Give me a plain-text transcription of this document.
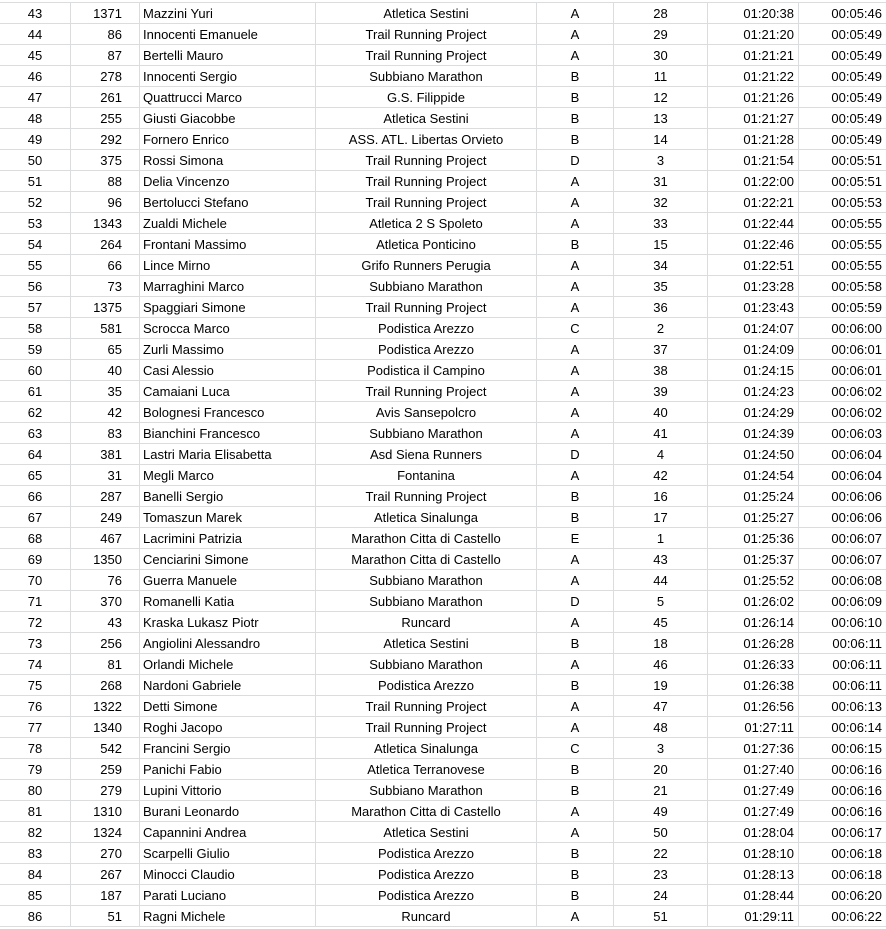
43	1371	Mazzini Yuri	Atletica Sestini	A	28	01:20:38	00:05:46
44	86	Innocenti Emanuele	Trail Running Project	A	29	01:21:20	00:05:49
45	87	Bertelli Mauro	Trail Running Project	A	30	01:21:21	00:05:49
46	278	Innocenti Sergio	Subbiano Marathon	B	11	01:21:22	00:05:49
47	261	Quattrucci Marco	G.S. Filippide	B	12	01:21:26	00:05:49
48	255	Giusti Giacobbe	Atletica Sestini	B	13	01:21:27	00:05:49
49	292	Fornero Enrico	ASS. ATL. Libertas Orvieto	B	14	01:21:28	00:05:49
50	375	Rossi Simona	Trail Running Project	D	3	01:21:54	00:05:51
51	88	Delia Vincenzo	Trail Running Project	A	31	01:22:00	00:05:51
52	96	Bertolucci Stefano	Trail Running Project	A	32	01:22:21	00:05:53
53	1343	Zualdi Michele	Atletica 2 S Spoleto	A	33	01:22:44	00:05:55
54	264	Frontani Massimo	Atletica Ponticino	B	15	01:22:46	00:05:55
55	66	Lince Mirno	Grifo Runners Perugia	A	34	01:22:51	00:05:55
56	73	Marraghini Marco	Subbiano Marathon	A	35	01:23:28	00:05:58
57	1375	Spaggiari Simone	Trail Running Project	A	36	01:23:43	00:05:59
58	581	Scrocca Marco	Podistica Arezzo	C	2	01:24:07	00:06:00
59	65	Zurli Massimo	Podistica Arezzo	A	37	01:24:09	00:06:01
60	40	Casi Alessio	Podistica il Campino	A	38	01:24:15	00:06:01
61	35	Camaiani Luca	Trail Running Project	A	39	01:24:23	00:06:02
62	42	Bolognesi Francesco	Avis Sansepolcro	A	40	01:24:29	00:06:02
63	83	Bianchini Francesco	Subbiano Marathon	A	41	01:24:39	00:06:03
64	381	Lastri Maria Elisabetta	Asd Siena Runners	D	4	01:24:50	00:06:04
65	31	Megli Marco	Fontanina	A	42	01:24:54	00:06:04
66	287	Banelli Sergio	Trail Running Project	B	16	01:25:24	00:06:06
67	249	Tomaszun Marek	Atletica Sinalunga	B	17	01:25:27	00:06:06
68	467	Lacrimini Patrizia	Marathon Citta di Castello	E	1	01:25:36	00:06:07
69	1350	Cenciarini Simone	Marathon Citta di Castello	A	43	01:25:37	00:06:07
70	76	Guerra Manuele	Subbiano Marathon	A	44	01:25:52	00:06:08
71	370	Romanelli Katia	Subbiano Marathon	D	5	01:26:02	00:06:09
72	43	Kraska Lukasz Piotr	Runcard	A	45	01:26:14	00:06:10
73	256	Angiolini Alessandro	Atletica Sestini	B	18	01:26:28	00:06:11
74	81	Orlandi Michele	Subbiano Marathon	A	46	01:26:33	00:06:11
75	268	Nardoni Gabriele	Podistica Arezzo	B	19	01:26:38	00:06:11
76	1322	Detti Simone	Trail Running Project	A	47	01:26:56	00:06:13
77	1340	Roghi Jacopo	Trail Running Project	A	48	01:27:11	00:06:14
78	542	Francini Sergio	Atletica Sinalunga	C	3	01:27:36	00:06:15
79	259	Panichi Fabio	Atletica Terranovese	B	20	01:27:40	00:06:16
80	279	Lupini Vittorio	Subbiano Marathon	B	21	01:27:49	00:06:16
81	1310	Burani Leonardo	Marathon Citta di Castello	A	49	01:27:49	00:06:16
82	1324	Capannini Andrea	Atletica Sestini	A	50	01:28:04	00:06:17
83	270	Scarpelli Giulio	Podistica Arezzo	B	22	01:28:10	00:06:18
84	267	Minocci Claudio	Podistica Arezzo	B	23	01:28:13	00:06:18
85	187	Parati Luciano	Podistica Arezzo	B	24	01:28:44	00:06:20
86	51	Ragni Michele	Runcard	A	51	01:29:11	00:06:22
